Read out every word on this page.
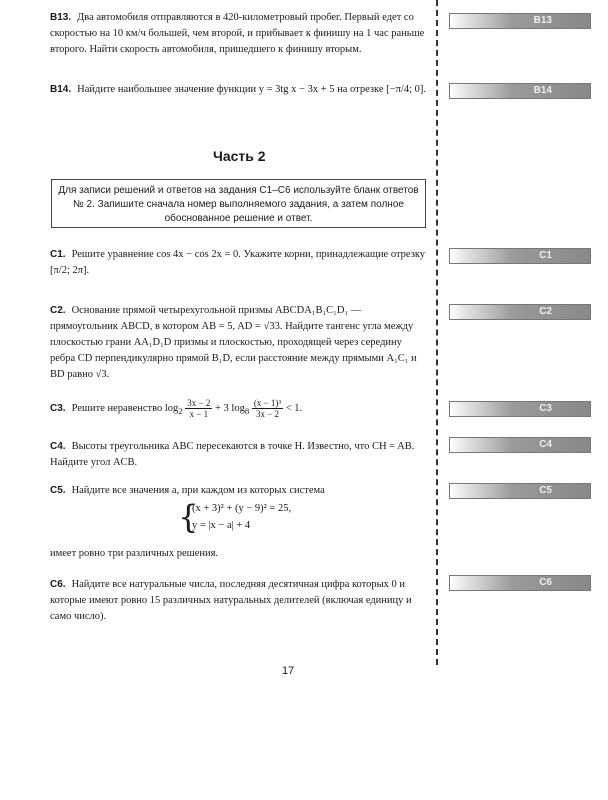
B13. Два автомобиля отправляются в 420-километровый пробег. Первый едет со скоростью на 10 км/ч большей, чем второй, и прибывает к финишу на 1 час раньше второго. Найти скорость автомобиля, пришедшего к финишу вторым.
B13
B14. Найдите наибольшее значение функции y = 3tg x − 3x + 5 на отрезке [−π/4; 0].	B14
Часть 2
Для записи решений и ответов на задания C1–C6 используйте бланк ответов № 2. Запишите сначала номер выполняемого задания, а затем полное обоснованное решение и ответ.
C1. Решите уравнение cos 4x − cos 2x = 0. Укажите корни, принадлежащие отрезку [π/2; 2π].
C1
C2. Основание прямой четырехугольной призмы ABCDA₁B₁C₁D₁ — прямоугольник ABCD, в котором AB = 5, AD = √33. Найдите тангенс угла между плоскостью грани AA₁D₁D призмы и плоскостью, проходящей через середину ребра CD перпендикулярно прямой B₁D, если расстояние между прямыми A₁C₁ и BD равно √3.
C2
C3. Решите неравенство $\log_2 \frac{3x - 2}{x - 1} + 3$ $\log_8 \frac{\text{(x − 1)³}}{3x - 2} < 1$.	C3
C4. Высоты треугольника ABC пересекаются в точке H. Известно, что CH = AB. Найдите угол ACB.
C4
C5. Найдите все значения a, при каждом из которых система
{
(x + 3)² + (y − 9)² = 25,
y = |x − a| + 4
имеет ровно три различных решения.
C5
C6. Найдите все натуральные числа, последняя десятичная цифра которых 0 и которые имеют ровно 15 различных натуральных делителей (включая единицу и само число).
C6
17
